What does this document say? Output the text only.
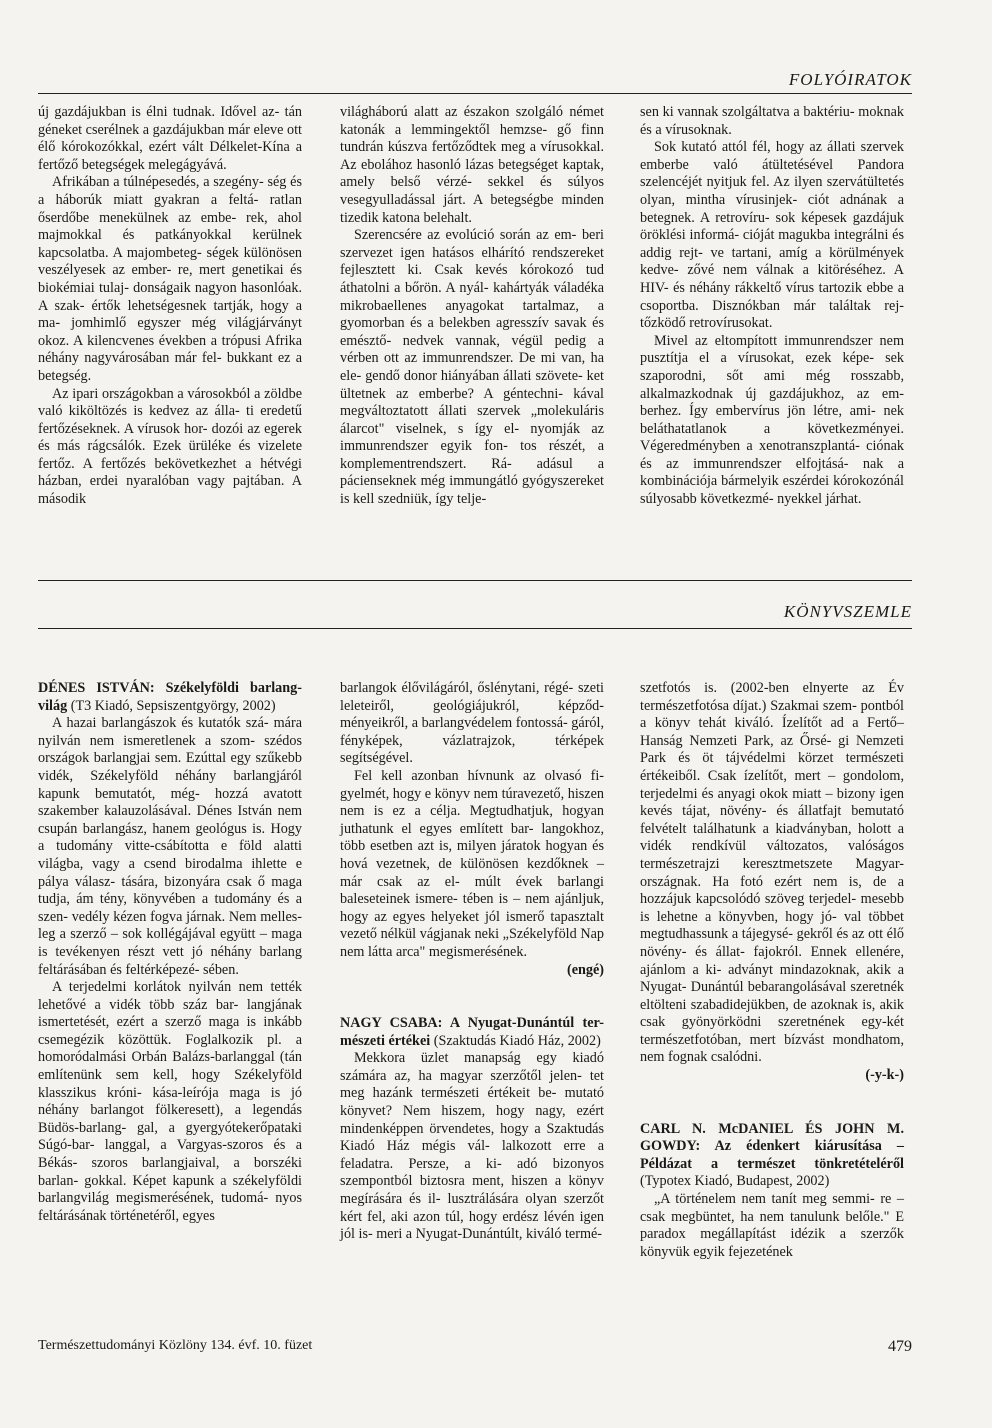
FOLYÓIRATOK

új gazdájukban is élni tudnak. Idővel az- tán géneket cserélnek a gazdájukban már eleve ott élő kórokozókkal, ezért vált Délkelet-Kína a fertőző betegségek melegágyává.

Afrikában a túlnépesedés, a szegény- ség és a háborúk miatt gyakran a feltá- ratlan őserdőbe menekülnek az embe- rek, ahol majmokkal és patkányokkal kerülnek kapcsolatba. A majombeteg- ségek különösen veszélyesek az ember- re, mert genetikai és biokémiai tulaj- donságaik nagyon hasonlóak. A szak- értők lehetségesnek tartják, hogy a ma- jomhimlő egyszer még világjárványt okoz. A kilencvenes években a trópusi Afrika néhány nagyvárosában már fel- bukkant ez a betegség.

Az ipari országokban a városokból a zöldbe való kiköltözés is kedvez az álla- ti eredetű fertőzéseknek. A vírusok hor- dozói az egerek és más rágcsálók. Ezek ürüléke és vizelete fertőz. A fertőzés bekövetkezhet a hétvégi házban, erdei nyaralóban vagy pajtában. A második

világháború alatt az északon szolgáló német katonák a lemmingektől hemzse- gő finn tundrán kúszva fertőződtek meg a vírusokkal. Az ebolához hasonló lázas betegséget kaptak, amely belső vérzé- sekkel és súlyos vesegyulladással járt. A betegségbe minden tizedik katona belehalt.

Szerencsére az evolúció során az em- beri szervezet igen hatásos elhárító rendszereket fejlesztett ki. Csak kevés kórokozó tud áthatolni a bőrön. A nyál- kahártyák váladéka mikrobaellenes anyagokat tartalmaz, a gyomorban és a belekben agresszív savak és emésztő- nedvek vannak, végül pedig a vérben ott az immunrendszer. De mi van, ha ele- gendő donor hiányában állati szövete- ket ültetnek az emberbe? A géntechni- kával megváltoztatott állati szervek „molekuláris álarcot" viselnek, s így el- nyomják az immunrendszer egyik fon- tos részét, a komplementrendszert. Rá- adásul a pácienseknek még immungátló gyógyszereket is kell szedniük, így telje-

sen ki vannak szolgáltatva a baktériu- moknak és a vírusoknak.

Sok kutató attól fél, hogy az állati szervek emberbe való átültetésével Pandora szelencéjét nyitjuk fel. Az ilyen szervátültetés olyan, mintha vírusinjek- ciót adnának a betegnek. A retrovíru- sok képesek gazdájuk öröklési informá- cióját magukba integrálni és addig rejt- ve tartani, amíg a körülmények kedve- zővé nem válnak a kitöréséhez. A HIV- és néhány rákkeltő vírus tartozik ebbe a csoportba. Disznókban már találtak rej- tőzködő retrovírusokat.

Mivel az eltompított immunrendszer nem pusztítja el a vírusokat, ezek képe- sek szaporodni, sőt ami még rosszabb, alkalmazkodnak új gazdájukhoz, az em- berhez. Így embervírus jön létre, ami- nek beláthatatlanok a következményei. Végeredményben a xenotranszplantá- ciónak és az immunrendszer elfojtásá- nak a kombinációja bármelyik eszérdei kórokozónál súlyosabb következmé- nyekkel járhat.

KÖNYVSZEMLE

DÉNES ISTVÁN: Székelyföldi barlang- világ (T3 Kiadó, Sepsiszentgyörgy, 2002)

A hazai barlangászok és kutatók szá- mára nyilván nem ismeretlenek a szom- szédos országok barlangjai sem. Ezúttal egy szűkebb vidék, Székelyföld néhány barlangjáról kapunk bemutatót, még- hozzá avatott szakember kalauzolásával. Dénes István nem csupán barlangász, hanem geológus is. Hogy a tudomány vitte-csábította e föld alatti világba, vagy a csend birodalma ihlette e pálya válasz- tására, bizonyára csak ő maga tudja, ám tény, könyvében a tudomány és a szen- vedély kézen fogva járnak. Nem melles- leg a szerző – sok kollégájával együtt – maga is tevékenyen részt vett jó néhány barlang feltárásában és feltérképezé- sében.

A terjedelmi korlátok nyilván nem tették lehetővé a vidék több száz bar- langjának ismertetését, ezért a szerző maga is inkább csemegézik közöttük. Foglalkozik pl. a homoródalmási Orbán Balázs-barlanggal (tán említenünk sem kell, hogy Székelyföld klasszikus króni- kása-leírója maga is jó néhány barlangot fölkeresett), a legendás Büdös-barlang- gal, a gyergyótekerőpataki Súgó-bar- langgal, a Vargyas-szoros és a Békás- szoros barlangjaival, a borszéki barlan- gokkal. Képet kapunk a székelyföldi barlangvilág megismerésének, tudomá- nyos feltárásának történetéről, egyes

barlangok élővilágáról, őslénytani, régé- szeti leleteiről, geológiájukról, képződ- ményeikről, a barlangvédelem fontossá- gáról, fényképek, vázlatrajzok, térképek segítségével.

Fel kell azonban hívnunk az olvasó fi- gyelmét, hogy e könyv nem túravezető, hiszen nem is ez a célja. Megtudhatjuk, hogyan juthatunk el egyes említett bar- langokhoz, több esetben azt is, milyen járatok hogyan és hová vezetnek, de különösen kezdőknek – már csak az el- múlt évek barlangi baleseteinek ismere- tében is – nem ajánljuk, hogy az egyes helyeket jól ismerő tapasztalt vezető nélkül vágjanak neki „Székelyföld Nap nem látta arca" megismerésének.

(engé)

NAGY CSABA: A Nyugat-Dunántúl ter- mészeti értékei (Szaktudás Kiadó Ház, 2002)

Mekkora üzlet manapság egy kiadó számára az, ha magyar szerzőtől jelen- tet meg hazánk természeti értékeit be- mutató könyvet? Nem hiszem, hogy nagy, ezért mindenképpen örvendetes, hogy a Szaktudás Kiadó Ház mégis vál- lalkozott erre a feladatra. Persze, a ki- adó bizonyos szempontból biztosra ment, hiszen a könyv megírására és il- lusztrálására olyan szerzőt kért fel, aki azon túl, hogy erdész lévén igen jól is- meri a Nyugat-Dunántúlt, kiváló termé-

szetfotós is. (2002-ben elnyerte az Év természetfotósa díjat.) Szakmai szem- pontból a könyv tehát kiváló. Ízelítőt ad a Fertő–Hanság Nemzeti Park, az Őrsé- gi Nemzeti Park és öt tájvédelmi körzet természeti értékeiből. Csak ízelítőt, mert – gondolom, terjedelmi és anyagi okok miatt – bizony igen kevés tájat, növény- és állatfajt bemutató felvételt találhatunk a kiadványban, holott a vidék rendkívül változatos, valóságos természetrajzi keresztmetszete Magyar- országnak. Ha fotó ezért nem is, de a hozzájuk kapcsolódó szöveg terjedel- mesebb is lehetne a könyvben, hogy jó- val többet megtudhassunk a tájegysé- gekről és az ott élő növény- és állat- fajokról. Ennek ellenére, ajánlom a ki- adványt mindazoknak, akik a Nyugat- Dunántúl bebarangolásával szeretnék eltölteni szabadidejükben, de azoknak is, akik csak gyönyörködni szeretnének egy-két természetfotóban, mert bízvást mondhatom, nem fognak csalódni.

(-y-k-)

CARL N. McDANIEL ÉS JOHN M. GOWDY: Az édenkert kiárusítása – Példázat a természet tönkretételéről (Typotex Kiadó, Budapest, 2002)

„A történelem nem tanít meg semmi- re – csak megbüntet, ha nem tanulunk belőle." E paradox megállapítást idézik a szerzők könyvük egyik fejezetének

Természettudományi Közlöny 134. évf. 10. füzet	479
